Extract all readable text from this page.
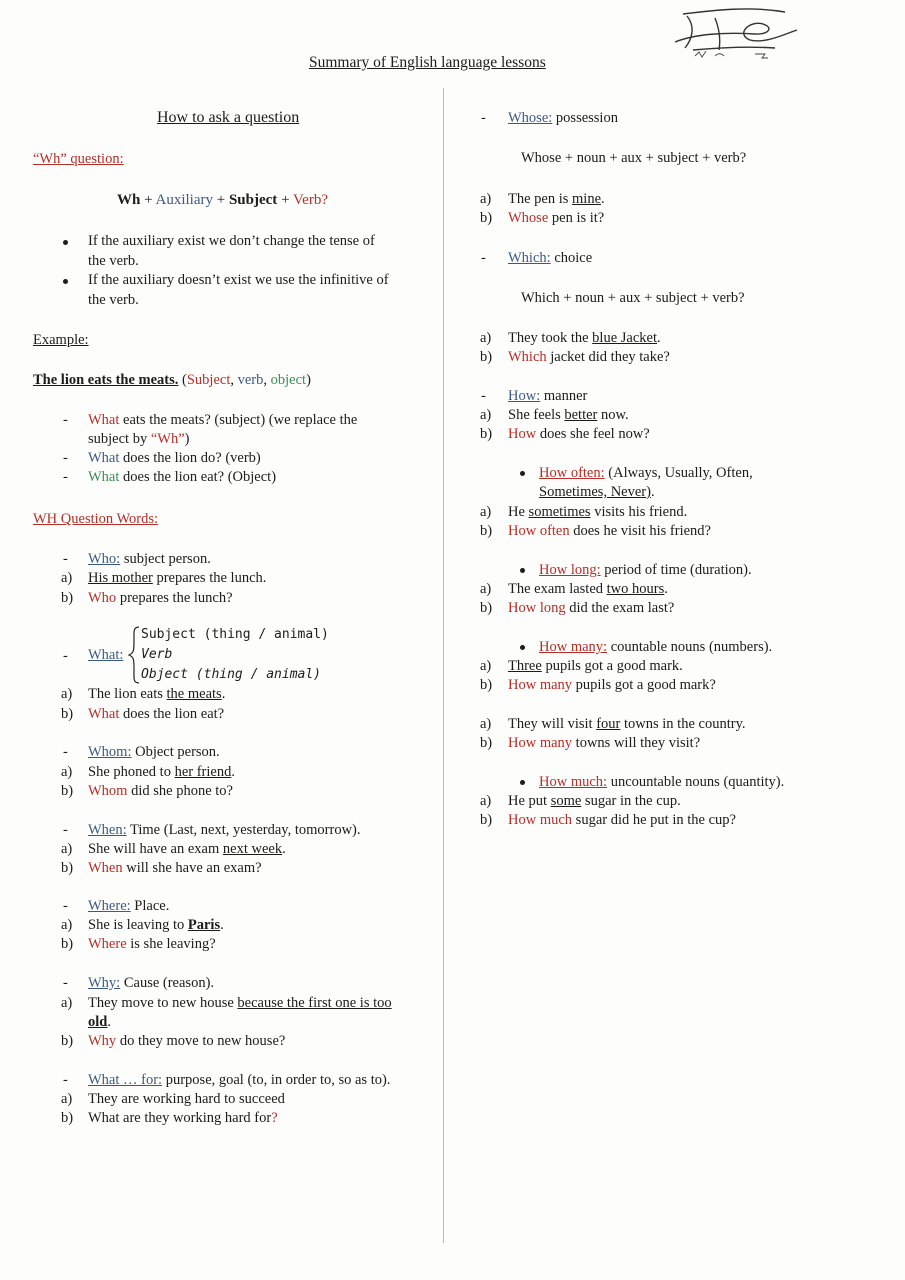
Summary of English language lessons
How to ask a question
“Wh” question:
Wh + Auxiliary + Subject + Verb?
If the auxiliary exist we don’t change the tense of
the verb.
If the auxiliary doesn’t exist we use the infinitive of
the verb.
Example:
The lion eats the meats. (Subject, verb, object)
- What eats the meats? (subject) (we replace the
subject by “Wh”)
- What does the lion do? (verb)
- What does the lion eat? (Object)
WH Question Words:
- Who: subject person.
a) His mother prepares the lunch.
b) Who prepares the lunch?
- What:
Subject (thing / animal)
Verb
Object (thing / animal)
a) The lion eats the meats.
b) What does the lion eat?
- Whom: Object person.
a) She phoned to her friend.
b) Whom did she phone to?
- When: Time (Last, next, yesterday, tomorrow).
a) She will have an exam next week.
b) When will she have an exam?
- Where: Place.
a) She is leaving to Paris.
b) Where is she leaving?
- Why: Cause (reason).
a) They move to new house because the first one is too
old.
b) Why do they move to new house?
- What … for: purpose, goal (to, in order to, so as to).
a) They are working hard to succeed
b) What are they working hard for?
- Whose: possession
Whose + noun + aux + subject + verb?
a) The pen is mine.
b) Whose pen is it?
- Which: choice
Which + noun + aux + subject + verb?
a) They took the blue Jacket.
b) Which jacket did they take?
- How: manner
a) She feels better now.
b) How does she feel now?
How often: (Always, Usually, Often,
Sometimes, Never).
a) He sometimes visits his friend.
b) How often does he visit his friend?
How long: period of time (duration).
a) The exam lasted two hours.
b) How long did the exam last?
How many: countable nouns (numbers).
a) Three pupils got a good mark.
b) How many pupils got a good mark?
a) They will visit four towns in the country.
b) How many towns will they visit?
How much: uncountable nouns (quantity).
a) He put some sugar in the cup.
b) How much sugar did he put in the cup?
